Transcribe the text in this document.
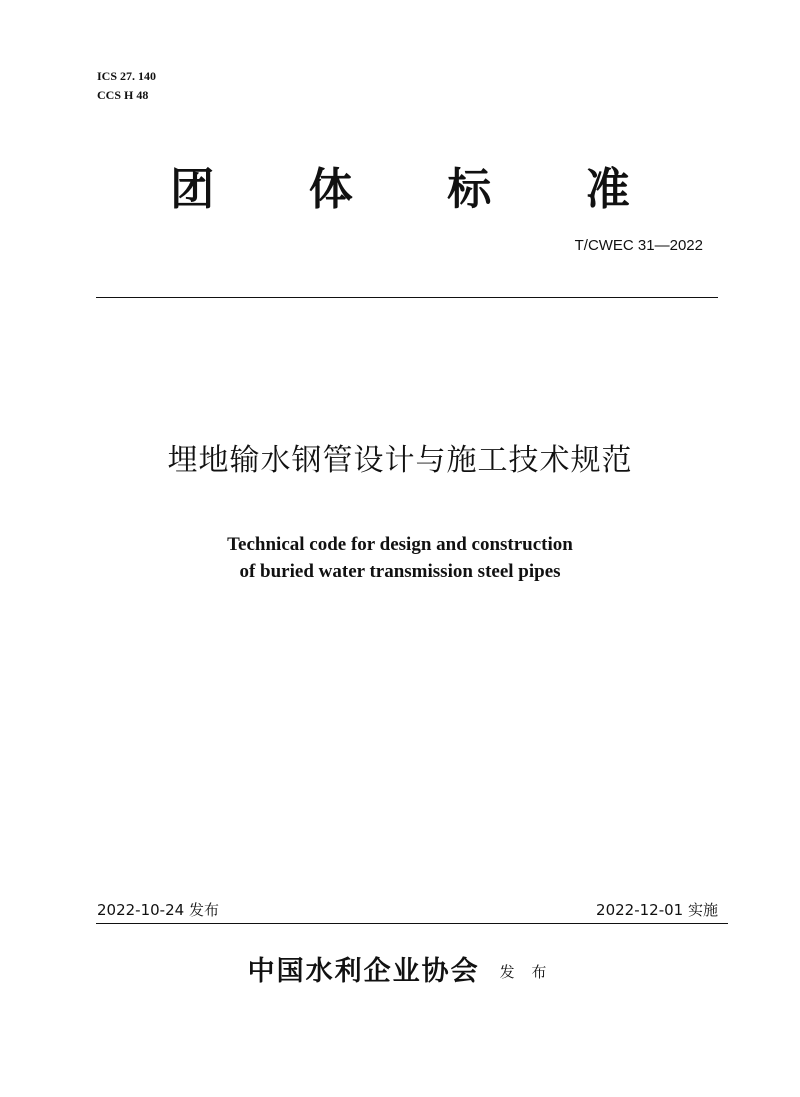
ICS 27. 140
CCS H 48
团 体 标 准
T/CWEC 31—2022
埋地输水钢管设计与施工技术规范
Technical code for design and construction
of buried water transmission steel pipes
2022-10-24 发布	2022-12-01 实施
中国水利企业协会 发 布
